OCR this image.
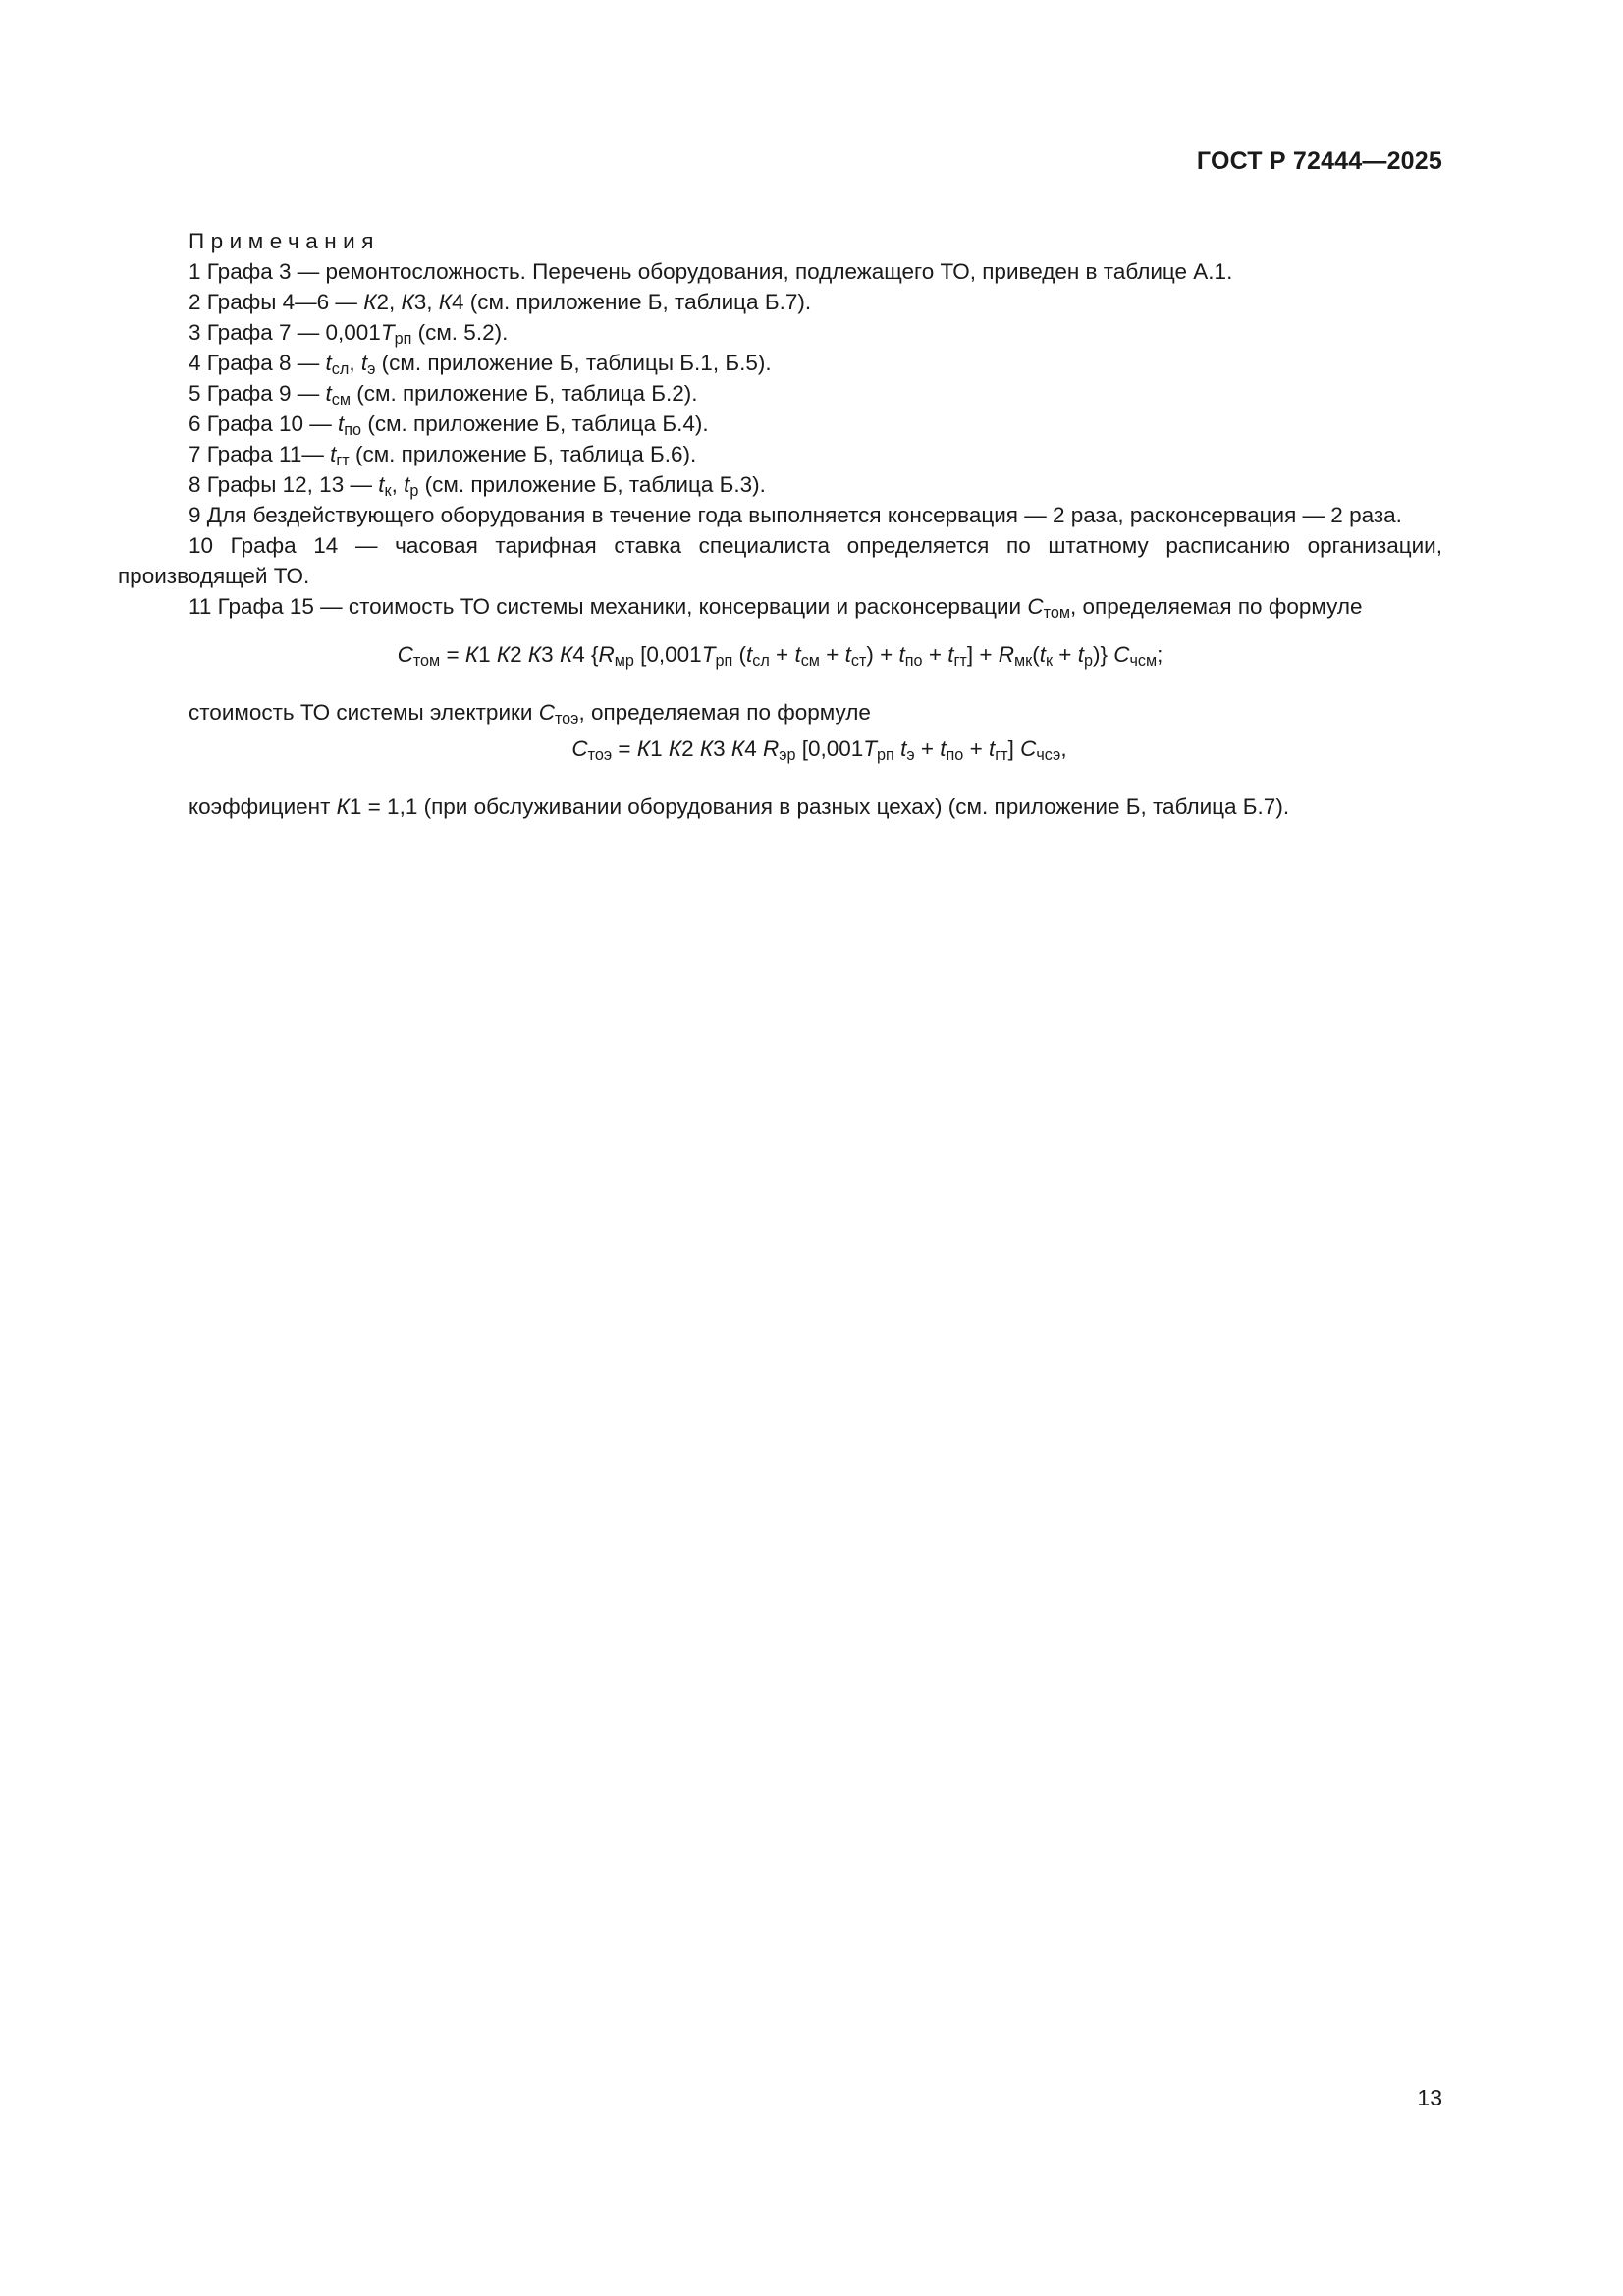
ГОСТ Р 72444—2025
Примечания
1 Графа 3 — ремонтосложность. Перечень оборудования, подлежащего ТО, приведен в таблице А.1.
2 Графы 4—6 — К2, К3, К4 (см. приложение Б, таблица Б.7).
3 Графа 7 — $0,001T_{рп}$ (см. 5.2).
4 Графа 8 — $t_{сл}$, $t_э$ (см. приложение Б, таблицы Б.1, Б.5).
5 Графа 9 — $t_{см}$ (см. приложение Б, таблица Б.2).
6 Графа 10 — $t_{по}$ (см. приложение Б, таблица Б.4).
7 Графа 11— $t_{гт}$ (см. приложение Б, таблица Б.6).
8 Графы 12, 13 — $t_к$, $t_р$ (см. приложение Б, таблица Б.3).
9 Для бездействующего оборудования в течение года выполняется консервация — 2 раза, расконсервация — 2 раза.
10 Графа 14 — часовая тарифная ставка специалиста определяется по штатному расписанию организации, производящей ТО.
11 Графа 15 — стоимость ТО системы механики, консервации и расконсервации $C_{том}$, определяемая по формуле
$C_{том} = К1$ К2 К3 К4 {$R_{мр}$ [$0,001T_{рп}$ $(t_{сл} + t_{см} + t_{ст}) + t_{по} + t_{гт}] + R_{мк}(t_к + t_р)$} $C_{чсм}$;
стоимость ТО системы электрики $C_{тоэ}$, определяемая по формуле
$C_{тоэ} = К1$ К2 К3 К4 $R_{эр}$ [$0,001T_{рп}$ $t_э + t_{по} + t_{гт}$] $C_{чсэ}$,
коэффициент К1 = 1,1 (при обслуживании оборудования в разных цехах) (см. приложение Б, таблица Б.7).
13
